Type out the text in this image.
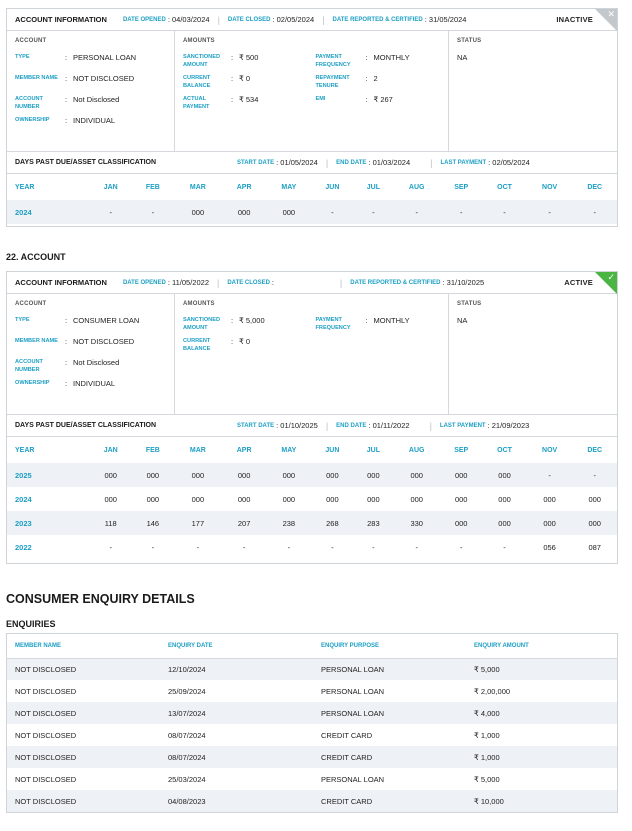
ACCOUNT INFORMATION	DATE OPENED : 04/03/2024 | DATE CLOSED : 02/05/2024 | DATE REPORTED & CERTIFIED : 31/05/2024	INACTIVE
✕
ACCOUNT
TYPE	: PERSONAL LOAN
MEMBER NAME : NOT DISCLOSED
ACCOUNT NUMBER
: Not Disclosed
OWNERSHIP	: INDIVIDUAL
AMOUNTS
SANCTIONED AMOUNT
: ₹ 500
CURRENT BALANCE
: ₹ 0
ACTUAL PAYMENT
: ₹ 534
PAYMENT FREQUENCY
: MONTHLY
REPAYMENT TENURE
: 2
EMI	: ₹ 267
STATUS
NA
DAYS PAST DUE/ASSET CLASSIFICATION	START DATE : 01/05/2024 | END DATE : 01/03/2024 | LAST PAYMENT : 02/05/2024
YEAR	JAN	FEB	MAR	APR	MAY	JUN	JUL	AUG	SEP	OCT	NOV	DEC
2024	-	-	000	000	000	-	-	-	-	-	-	-
22. ACCOUNT
ACCOUNT INFORMATION	DATE OPENED : 11/05/2022 | DATE CLOSED :	| DATE REPORTED & CERTIFIED : 31/10/2025	ACTIVE
✓
ACCOUNT
TYPE	: CONSUMER LOAN
MEMBER NAME : NOT DISCLOSED
ACCOUNT NUMBER
: Not Disclosed
OWNERSHIP	: INDIVIDUAL
AMOUNTS
SANCTIONED AMOUNT
: ₹ 5,000
CURRENT BALANCE
: ₹ 0
PAYMENT FREQUENCY
: MONTHLY
STATUS
NA
DAYS PAST DUE/ASSET CLASSIFICATION	START DATE : 01/10/2025 | END DATE : 01/11/2022 | LAST PAYMENT : 21/09/2023
YEAR	JAN	FEB	MAR	APR	MAY	JUN	JUL	AUG	SEP	OCT	NOV	DEC
2025	000	000	000	000	000	000	000	000	000	000	-	-
2024	000	000	000	000	000	000	000	000	000	000	000	000
2023	118	146	177	207	238	268	283	330	000	000	000	000
2022	-	-	-	-	-	-	-	-	-	-	056	087
CONSUMER ENQUIRY DETAILS
ENQUIRIES
MEMBER NAME	ENQUIRY DATE	ENQUIRY PURPOSE	ENQUIRY AMOUNT
NOT DISCLOSED	12/10/2024	PERSONAL LOAN	₹ 5,000
NOT DISCLOSED	25/09/2024	PERSONAL LOAN	₹ 2,00,000
NOT DISCLOSED	13/07/2024	PERSONAL LOAN	₹ 4,000
NOT DISCLOSED	08/07/2024	CREDIT CARD	₹ 1,000
NOT DISCLOSED	08/07/2024	CREDIT CARD	₹ 1,000
NOT DISCLOSED	25/03/2024	PERSONAL LOAN	₹ 5,000
NOT DISCLOSED	04/08/2023	CREDIT CARD	₹ 10,000
